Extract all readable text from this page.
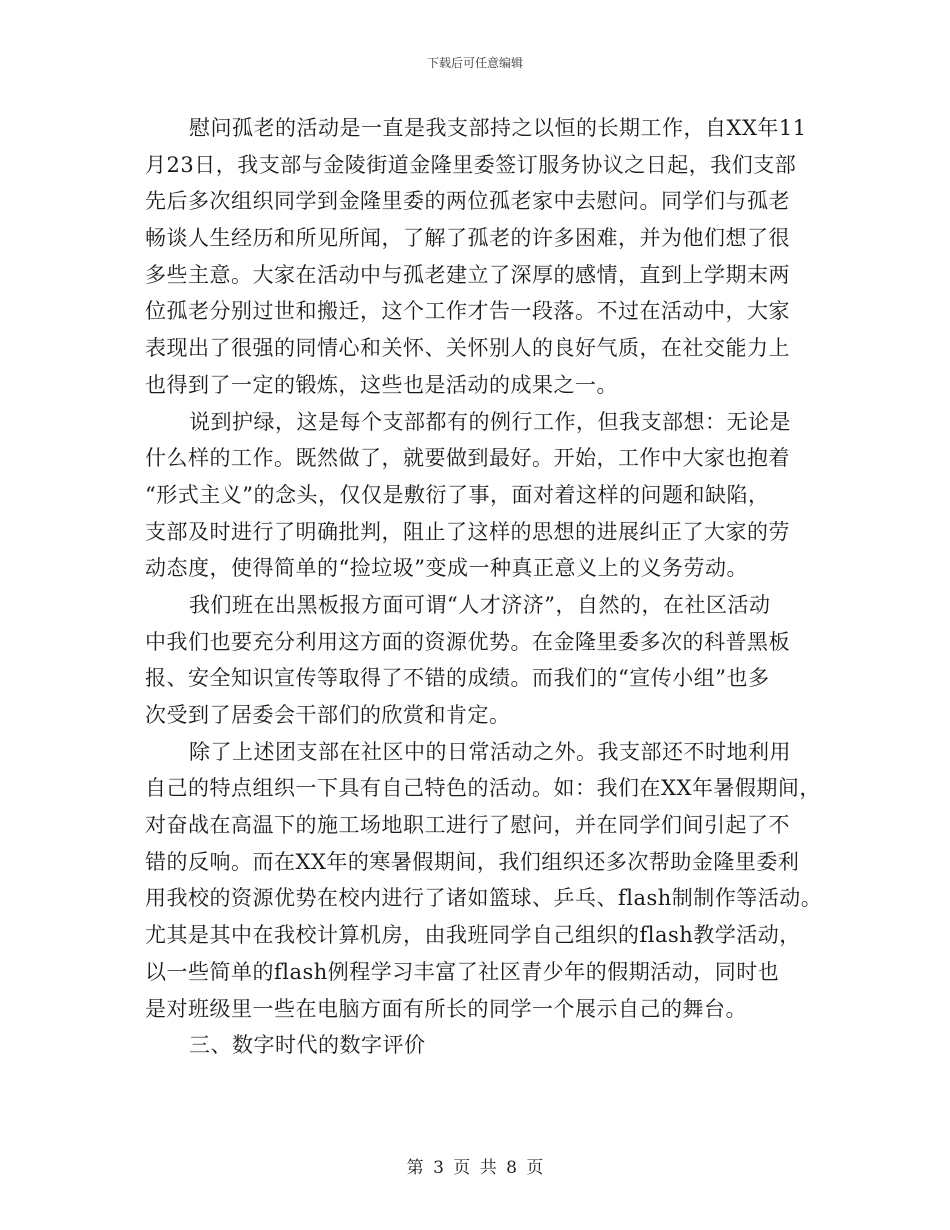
下载后可任意编辑
慰问孤老的活动是一直是我支部持之以恒的长期工作，自XX年11
月23日，我支部与金陵街道金隆里委签订服务协议之日起，我们支部
先后多次组织同学到金隆里委的两位孤老家中去慰问。同学们与孤老
畅谈人生经历和所见所闻，了解了孤老的许多困难，并为他们想了很
多些主意。大家在活动中与孤老建立了深厚的感情，直到上学期末两
位孤老分别过世和搬迁，这个工作才告一段落。不过在活动中，大家
表现出了很强的同情心和关怀、关怀别人的良好气质，在社交能力上
也得到了一定的锻炼，这些也是活动的成果之一。
说到护绿，这是每个支部都有的例行工作，但我支部想：无论是
什么样的工作。既然做了，就要做到最好。开始，工作中大家也抱着
“形式主义”的念头，仅仅是敷衍了事，面对着这样的问题和缺陷，
支部及时进行了明确批判，阻止了这样的思想的进展纠正了大家的劳
动态度，使得简单的“捡垃圾”变成一种真正意义上的义务劳动。
我们班在出黑板报方面可谓“人才济济”，自然的，在社区活动
中我们也要充分利用这方面的资源优势。在金隆里委多次的科普黑板
报、安全知识宣传等取得了不错的成绩。而我们的“宣传小组”也多
次受到了居委会干部们的欣赏和肯定。
除了上述团支部在社区中的日常活动之外。我支部还不时地利用
自己的特点组织一下具有自己特色的活动。如：我们在XX年暑假期间，
对奋战在高温下的施工场地职工进行了慰问，并在同学们间引起了不
错的反响。而在XX年的寒暑假期间，我们组织还多次帮助金隆里委利
用我校的资源优势在校内进行了诸如篮球、乒乓、flash制制作等活动。
尤其是其中在我校计算机房，由我班同学自己组织的flash教学活动，
以一些简单的flash例程学习丰富了社区青少年的假期活动，同时也
是对班级里一些在电脑方面有所长的同学一个展示自己的舞台。
三、数字时代的数字评价
第 3 页 共 8 页
